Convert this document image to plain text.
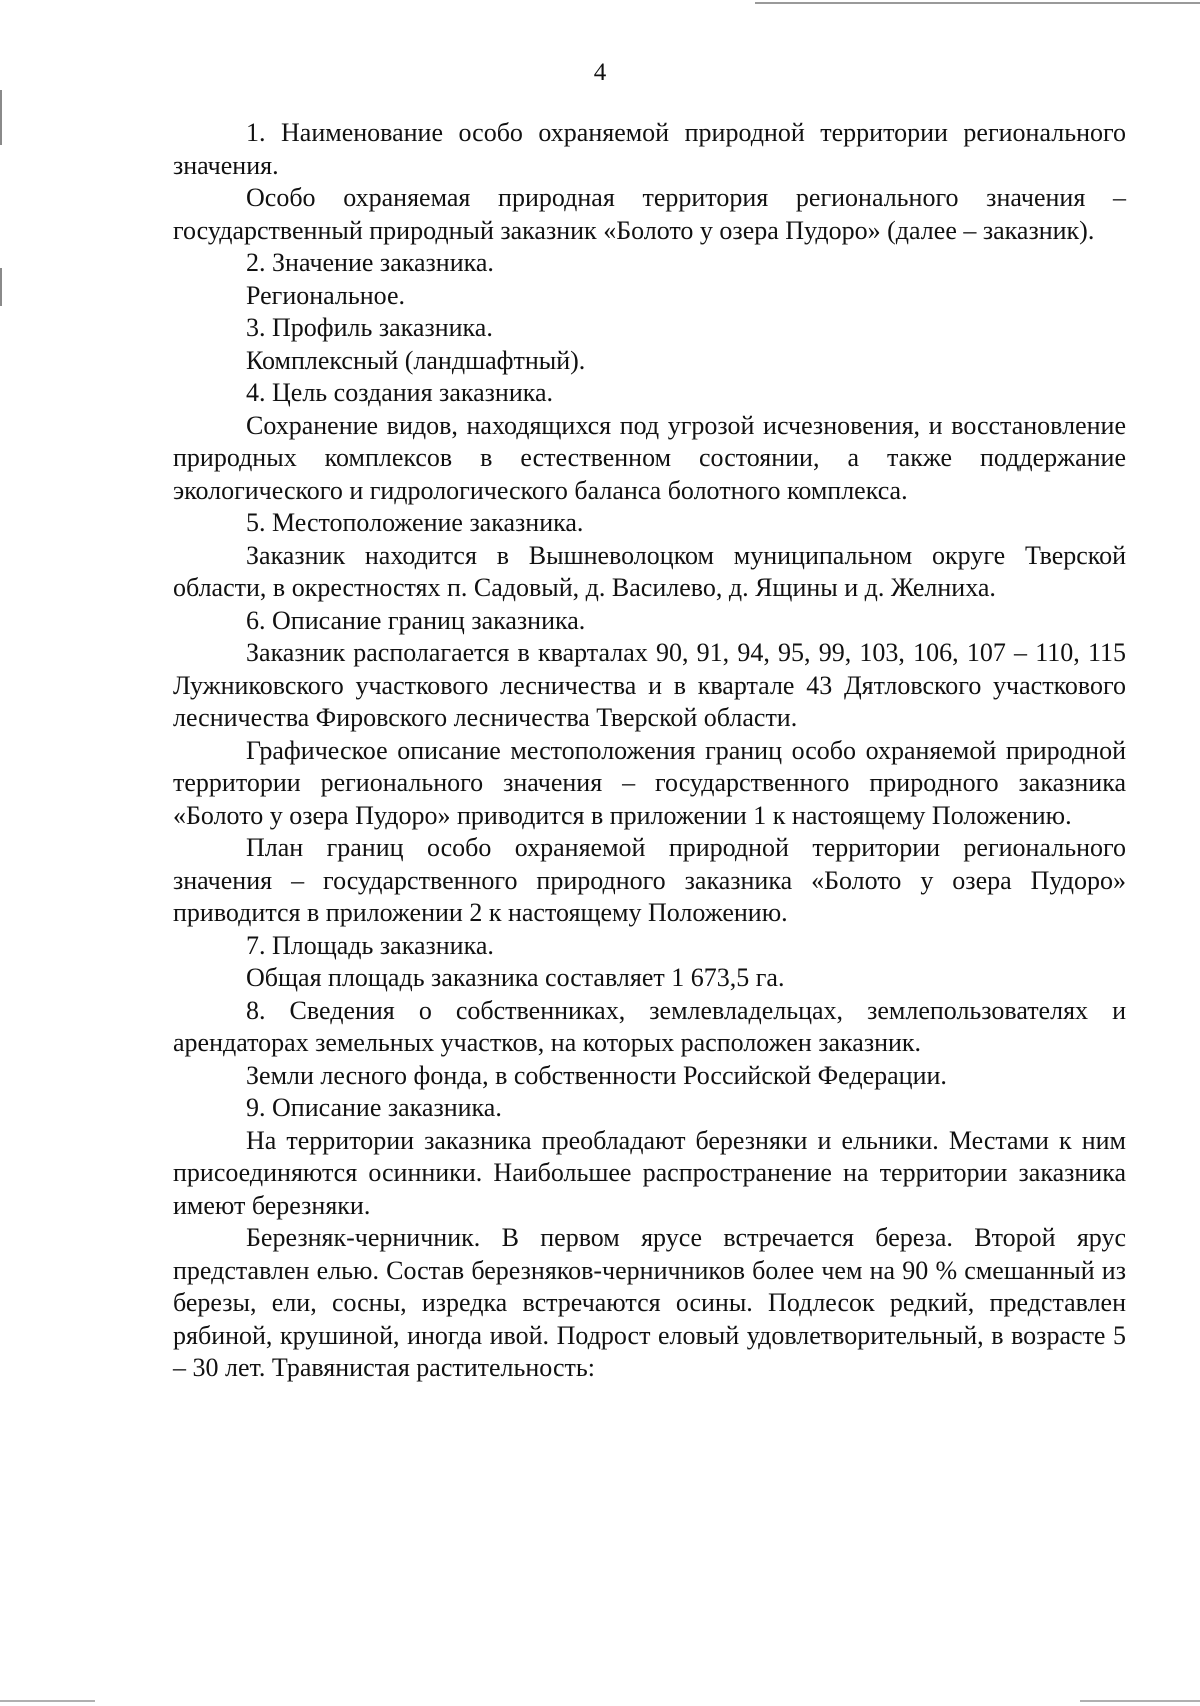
4

1. Наименование особо охраняемой природной территории регионального значения.

Особо охраняемая природная территория регионального значения – государственный природный заказник «Болото у озера Пудоро» (далее – заказник).

2. Значение заказника.

Региональное.

3. Профиль заказника.

Комплексный (ландшафтный).

4. Цель создания заказника.

Сохранение видов, находящихся под угрозой исчезновения, и восстановление природных комплексов в естественном состоянии, а также поддержание экологического и гидрологического баланса болотного комплекса.

5. Местоположение заказника.

Заказник находится в Вышневолоцком муниципальном округе Тверской области, в окрестностях п. Садовый, д. Василево, д. Ящины и д. Желниха.

6. Описание границ заказника.

Заказник располагается в кварталах 90, 91, 94, 95, 99, 103, 106, 107 – 110, 115 Лужниковского участкового лесничества и в квартале 43 Дятловского участкового лесничества Фировского лесничества Тверской области.

Графическое описание местоположения границ особо охраняемой природной территории регионального значения – государственного природного заказника «Болото у озера Пудоро» приводится в приложении 1 к настоящему Положению.

План границ особо охраняемой природной территории регионального значения – государственного природного заказника «Болото у озера Пудоро» приводится в приложении 2 к настоящему Положению.

7. Площадь заказника.

Общая площадь заказника составляет 1 673,5 га.

8. Сведения о собственниках, землевладельцах, землепользователях и арендаторах земельных участков, на которых расположен заказник.

Земли лесного фонда, в собственности Российской Федерации.

9. Описание заказника.

На территории заказника преобладают березняки и ельники. Местами к ним присоединяются осинники. Наибольшее распространение на территории заказника имеют березняки.

Березняк-черничник. В первом ярусе встречается береза. Второй ярус представлен елью. Состав березняков-черничников более чем на 90 % смешанный из березы, ели, сосны, изредка встречаются осины. Подлесок редкий, представлен рябиной, крушиной, иногда ивой. Подрост еловый удовлетворительный, в возрасте 5 – 30 лет. Травянистая растительность:
